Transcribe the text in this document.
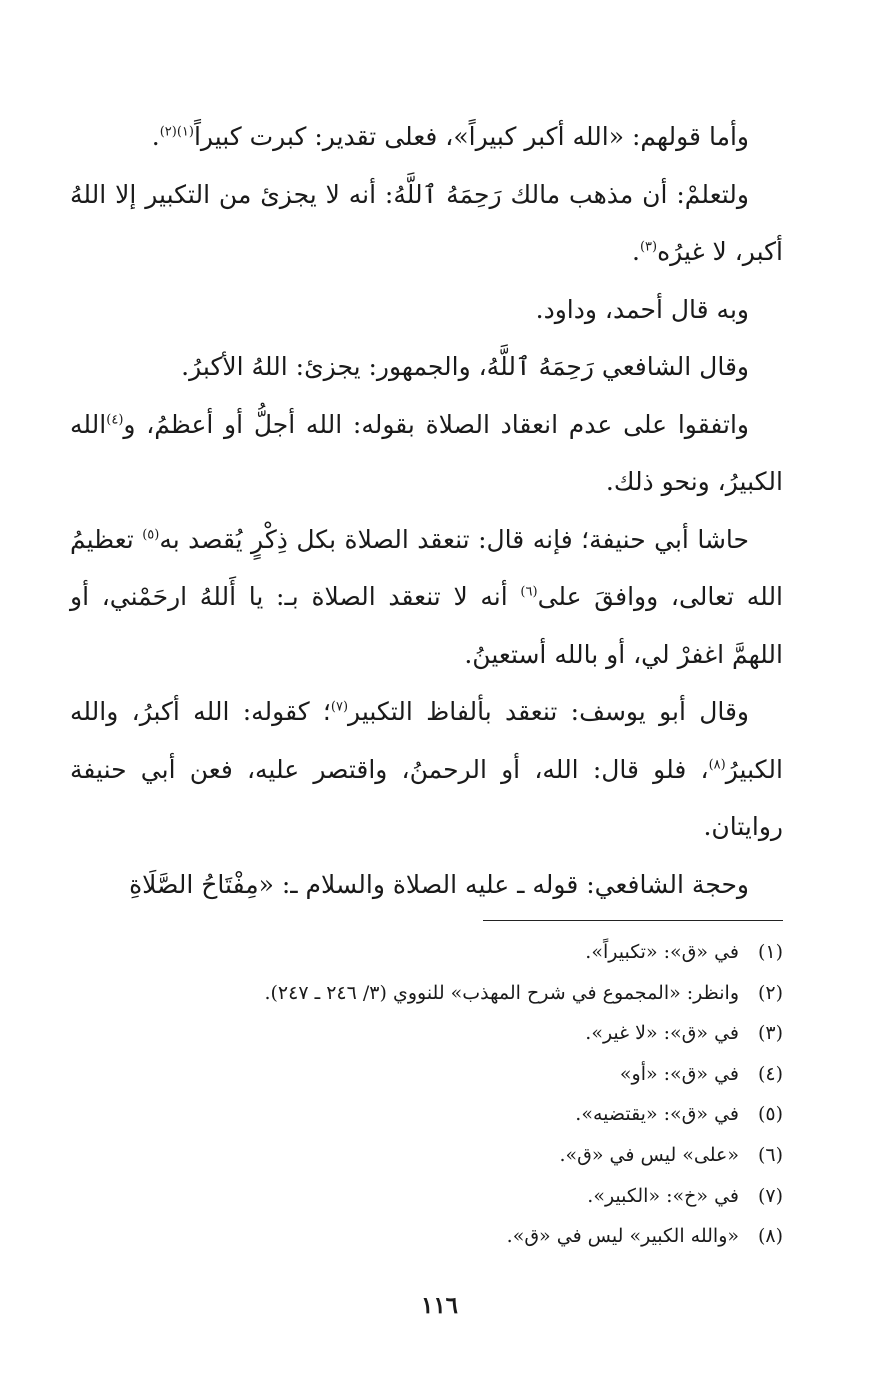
وأما قولهم: «الله أكبر كبيراً»، فعلى تقدير: كبرت كبيراً$^{(١)(٢)}$.

ولتعلمْ: أن مذهب مالك رَحِمَهُ ٱللَّهُ: أنه لا يجزئ من التكبير إلا اللهُ أكبر، لا غيرُه$^{(٣)}$.

وبه قال أحمد، وداود.

وقال الشافعي رَحِمَهُ ٱللَّهُ، والجمهور: يجزئ: اللهُ الأكبرُ.

واتفقوا على عدم انعقاد الصلاة بقوله: الله أجلُّ أو أعظمُ، و$^{(٤)}$الله الكبيرُ، ونحو ذلك.

حاشا أبي حنيفة؛ فإنه قال: تنعقد الصلاة بكل ذِكْرٍ يُقصد به$^{(٥)}$ تعظيمُ الله تعالى، ووافقَ على$^{(٦)}$ أنه لا تنعقد الصلاة بـ: يا أَللهُ ارحَمْني، أو اللهمَّ اغفرْ لي، أو بالله أستعينُ.

وقال أبو يوسف: تنعقد بألفاظ التكبير$^{(٧)}$؛ كقوله: الله أكبرُ، والله الكبيرُ$^{(٨)}$، فلو قال: الله، أو الرحمنُ، واقتصر عليه، فعن أبي حنيفة روايتان.

وحجة الشافعي: قوله ـ عليه الصلاة والسلام ـ: «مِفْتَاحُ الصَّلَاةِ

(١)
في «ق»: «تكبيراً».
(٢)
وانظر: «المجموع في شرح المهذب» للنووي (٣/ ٢٤٦ ـ ٢٤٧).
(٣)
في «ق»: «لا غير».
(٤)
في «ق»: «أو»
(٥)
في «ق»: «يقتضيه».
(٦)
«على» ليس في «ق».
(٧)
في «خ»: «الكبير».
(٨)
«والله الكبير» ليس في «ق».
١١٦
